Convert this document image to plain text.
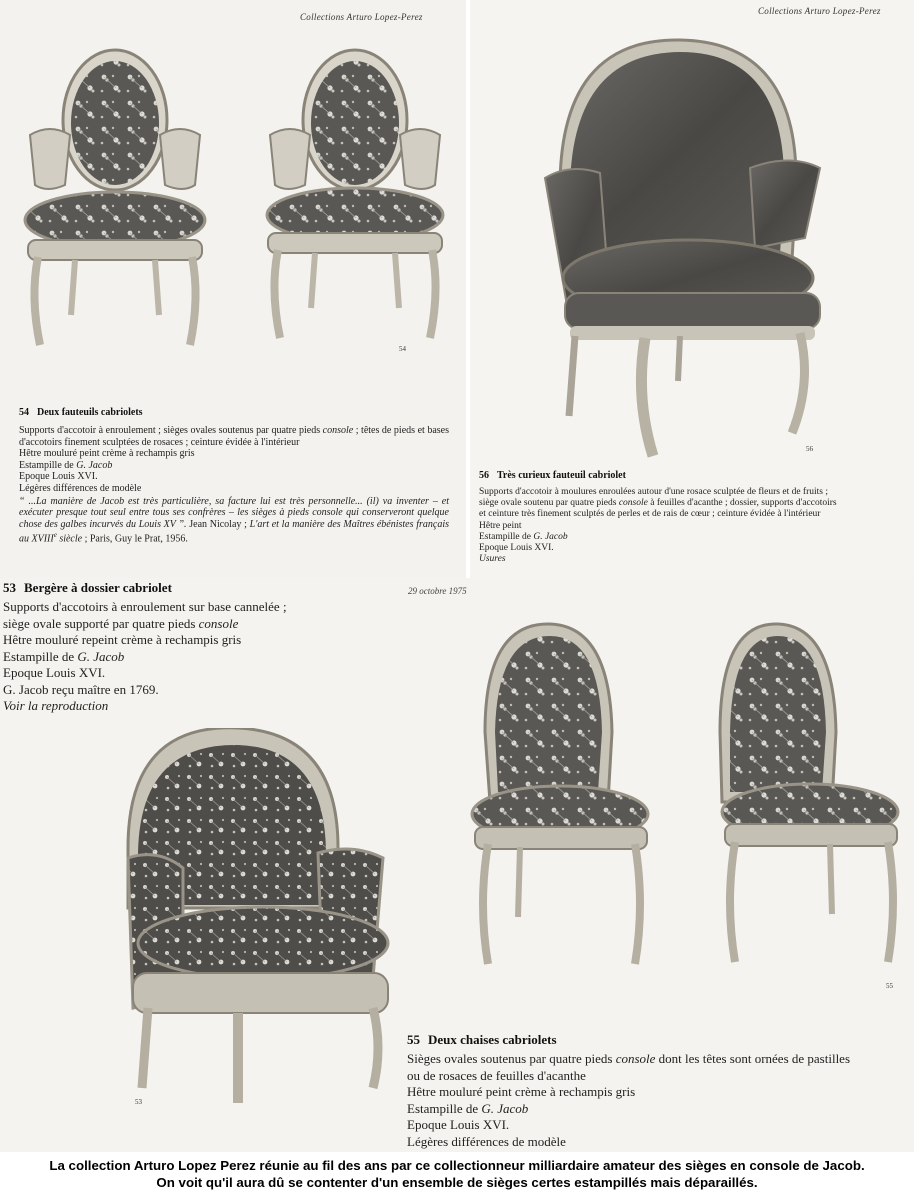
Collections Arturo Lopez-Perez
Collections Arturo Lopez-Perez
54
56
54 Deux fauteuils cabriolets
Supports d'accotoir à enroulement ; sièges ovales soutenus par quatre pieds console ; têtes de pieds et bases d'accotoirs finement sculptées de rosaces ; ceinture évidée à l'intérieur
Hêtre mouluré peint crème à rechampis gris
Estampille de G. Jacob
Epoque Louis XVI.
Légères différences de modèle
“ ...La manière de Jacob est très particulière, sa facture lui est très personnelle... (il) va inventer – et exécuter presque tout seul entre tous ses confrères – les sièges à pieds console qui conserveront quelque chose des galbes incurvés du Louis XV ”. Jean Nicolay ; L'art et la manière des Maîtres ébénistes français au XVIIIe siècle ; Paris, Guy le Prat, 1956.
56 Très curieux fauteuil cabriolet
Supports d'accotoir à moulures enroulées autour d'une rosace sculptée de fleurs et de fruits ;
siège ovale soutenu par quatre pieds console à feuilles d'acanthe ; dossier, supports d'accotoirs
et ceinture très finement sculptés de perles et de rais de cœur ; ceinture évidée à l'intérieur
Hêtre peint
Estampille de G. Jacob
Epoque Louis XVI.
Usures
53 Bergère à dossier cabriolet
Supports d'accotoirs à enroulement sur base cannelée ;
siège ovale supporté par quatre pieds console
Hêtre mouluré repeint crème à rechampis gris
Estampille de G. Jacob
Epoque Louis XVI.
G. Jacob reçu maître en 1769.
Voir la reproduction
29 octobre 1975
53
55
55 Deux chaises cabriolets
Sièges ovales soutenus par quatre pieds console dont les têtes sont ornées de pastilles
ou de rosaces de feuilles d'acanthe
Hêtre mouluré peint crème à rechampis gris
Estampille de G. Jacob
Epoque Louis XVI.
Légères différences de modèle
La collection Arturo Lopez Perez réunie au fil des ans par ce collectionneur milliardaire amateur des sièges en console de Jacob.
On voit qu'il aura dû se contenter d'un ensemble de sièges certes estampillés mais déparaillés.
